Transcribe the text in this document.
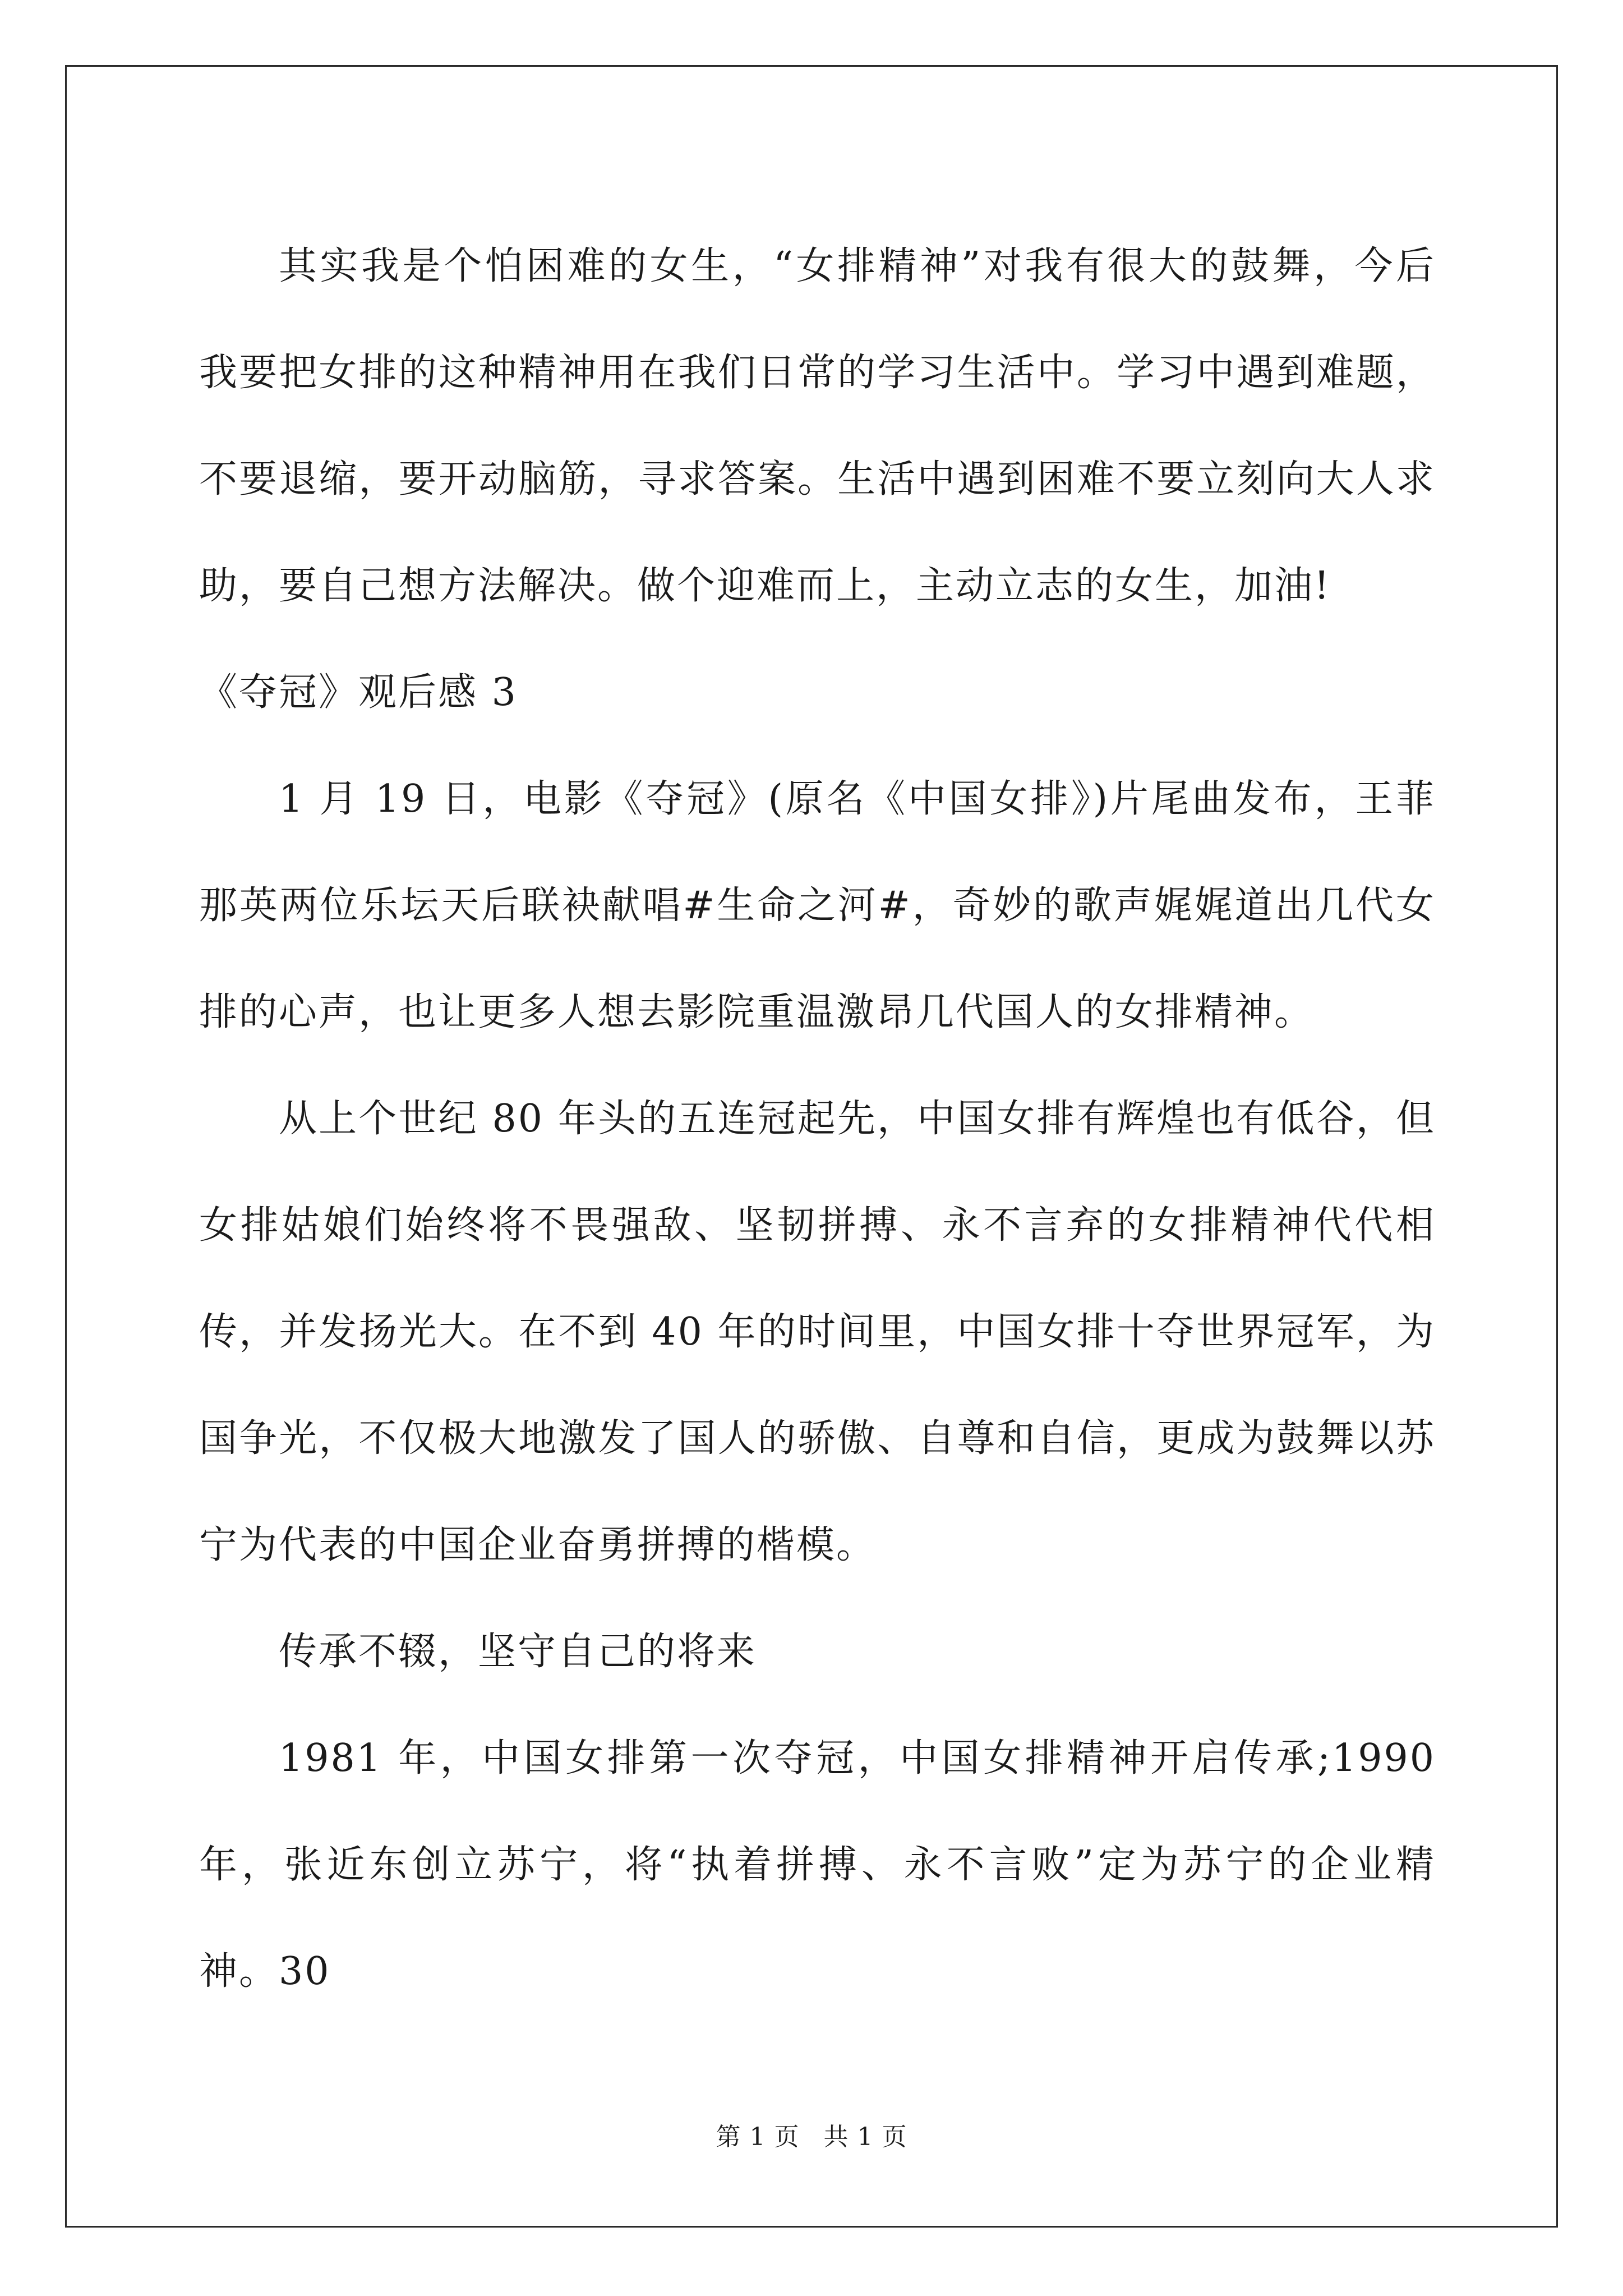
其实我是个怕困难的女生，“女排精神”对我有很大的鼓舞，今后我要把女排的这种精神用在我们日常的学习生活中。学习中遇到难题，不要退缩，要开动脑筋，寻求答案。生活中遇到困难不要立刻向大人求助，要自己想方法解决。做个迎难而上，主动立志的女生，加油!

《夺冠》观后感 3

1 月 19 日，电影《夺冠》(原名《中国女排》)片尾曲发布，王菲那英两位乐坛天后联袂献唱#生命之河#，奇妙的歌声娓娓道出几代女排的心声，也让更多人想去影院重温激昂几代国人的女排精神。

从上个世纪 80 年头的五连冠起先，中国女排有辉煌也有低谷，但女排姑娘们始终将不畏强敌、坚韧拼搏、永不言弃的女排精神代代相传，并发扬光大。在不到 40 年的时间里，中国女排十夺世界冠军，为国争光，不仅极大地激发了国人的骄傲、自尊和自信，更成为鼓舞以苏宁为代表的中国企业奋勇拼搏的楷模。

传承不辍，坚守自己的将来

1981 年，中国女排第一次夺冠，中国女排精神开启传承;1990 年，张近东创立苏宁，将“执着拼搏、永不言败”定为苏宁的企业精神。30

第 1 页 共 1 页
